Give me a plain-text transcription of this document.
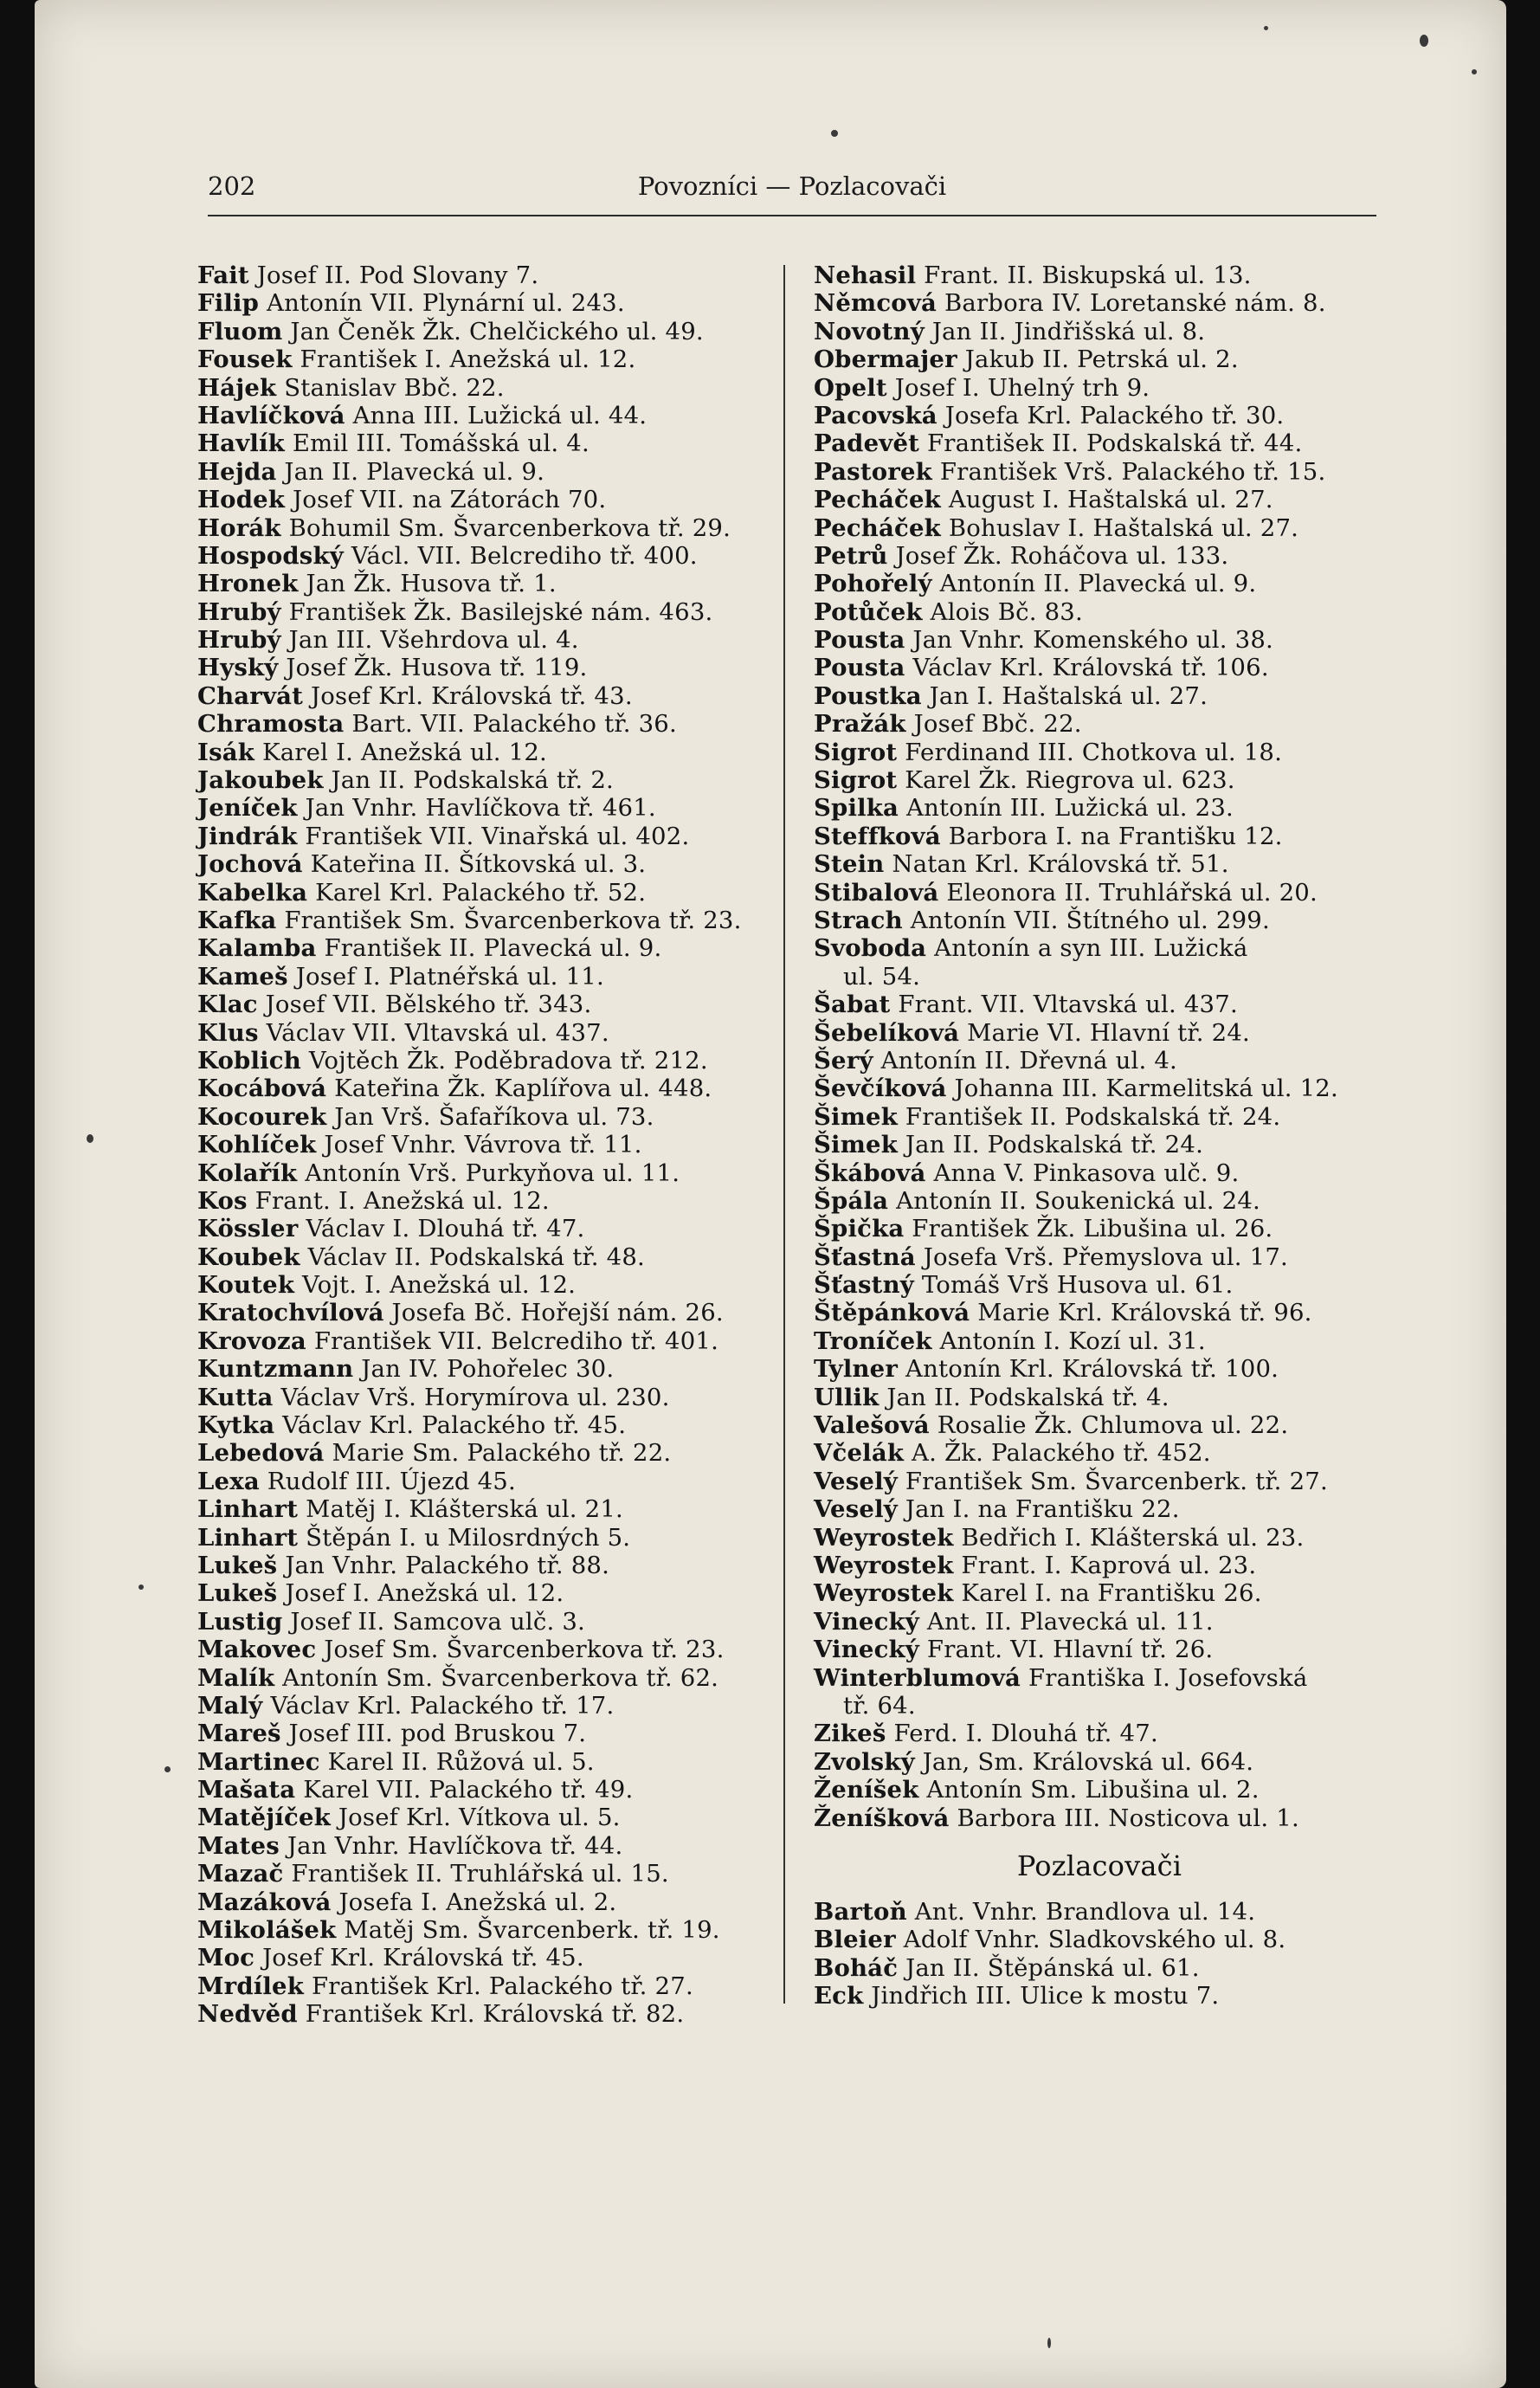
202	Povozníci — Pozlacovači
Fait Josef II. Pod Slovany 7.
Filip Antonín VII. Plynární ul. 243.
Fluom Jan Čeněk Žk. Chelčického ul. 49.
Fousek František I. Anežská ul. 12.
Hájek Stanislav Bbč. 22.
Havlíčková Anna III. Lužická ul. 44.
Havlík Emil III. Tomášská ul. 4.
Hejda Jan II. Plavecká ul. 9.
Hodek Josef VII. na Zátorách 70.
Horák Bohumil Sm. Švarcenberkova tř. 29.
Hospodský Václ. VII. Belcrediho tř. 400.
Hronek Jan Žk. Husova tř. 1.
Hrubý František Žk. Basilejské nám. 463.
Hrubý Jan III. Všehrdova ul. 4.
Hyský Josef Žk. Husova tř. 119.
Charvát Josef Krl. Královská tř. 43.
Chramosta Bart. VII. Palackého tř. 36.
Isák Karel I. Anežská ul. 12.
Jakoubek Jan II. Podskalská tř. 2.
Jeníček Jan Vnhr. Havlíčkova tř. 461.
Jindrák František VII. Vinařská ul. 402.
Jochová Kateřina II. Šítkovská ul. 3.
Kabelka Karel Krl. Palackého tř. 52.
Kafka František Sm. Švarcenberkova tř. 23.
Kalamba František II. Plavecká ul. 9.
Kameš Josef I. Platnéřská ul. 11.
Klac Josef VII. Bělského tř. 343.
Klus Václav VII. Vltavská ul. 437.
Koblich Vojtěch Žk. Poděbradova tř. 212.
Kocábová Kateřina Žk. Kaplířova ul. 448.
Kocourek Jan Vrš. Šafaříkova ul. 73.
Kohlíček Josef Vnhr. Vávrova tř. 11.
Kolařík Antonín Vrš. Purkyňova ul. 11.
Kos Frant. I. Anežská ul. 12.
Kössler Václav I. Dlouhá tř. 47.
Koubek Václav II. Podskalská tř. 48.
Koutek Vojt. I. Anežská ul. 12.
Kratochvílová Josefa Bč. Hořejší nám. 26.
Krovoza František VII. Belcrediho tř. 401.
Kuntzmann Jan IV. Pohořelec 30.
Kutta Václav Vrš. Horymírova ul. 230.
Kytka Václav Krl. Palackého tř. 45.
Lebedová Marie Sm. Palackého tř. 22.
Lexa Rudolf III. Újezd 45.
Linhart Matěj I. Klášterská ul. 21.
Linhart Štěpán I. u Milosrdných 5.
Lukeš Jan Vnhr. Palackého tř. 88.
Lukeš Josef I. Anežská ul. 12.
Lustig Josef II. Samcova ulč. 3.
Makovec Josef Sm. Švarcenberkova tř. 23.
Malík Antonín Sm. Švarcenberkova tř. 62.
Malý Václav Krl. Palackého tř. 17.
Mareš Josef III. pod Bruskou 7.
Martinec Karel II. Růžová ul. 5.
Mašata Karel VII. Palackého tř. 49.
Matějíček Josef Krl. Vítkova ul. 5.
Mates Jan Vnhr. Havlíčkova tř. 44.
Mazač František II. Truhlářská ul. 15.
Mazáková Josefa I. Anežská ul. 2.
Mikolášek Matěj Sm. Švarcenberk. tř. 19.
Moc Josef Krl. Královská tř. 45.
Mrdílek František Krl. Palackého tř. 27.
Nedvěd František Krl. Královská tř. 82.
Nehasil Frant. II. Biskupská ul. 13.
Němcová Barbora IV. Loretanské nám. 8.
Novotný Jan II. Jindřišská ul. 8.
Obermajer Jakub II. Petrská ul. 2.
Opelt Josef I. Uhelný trh 9.
Pacovská Josefa Krl. Palackého tř. 30.
Padevět František II. Podskalská tř. 44.
Pastorek František Vrš. Palackého tř. 15.
Pecháček August I. Haštalská ul. 27.
Pecháček Bohuslav I. Haštalská ul. 27.
Petrů Josef Žk. Roháčova ul. 133.
Pohořelý Antonín II. Plavecká ul. 9.
Potůček Alois Bč. 83.
Pousta Jan Vnhr. Komenského ul. 38.
Pousta Václav Krl. Královská tř. 106.
Poustka Jan I. Haštalská ul. 27.
Pražák Josef Bbč. 22.
Sigrot Ferdinand III. Chotkova ul. 18.
Sigrot Karel Žk. Riegrova ul. 623.
Spilka Antonín III. Lužická ul. 23.
Steffková Barbora I. na Františku 12.
Stein Natan Krl. Královská tř. 51.
Stibalová Eleonora II. Truhlářská ul. 20.
Strach Antonín VII. Štítného ul. 299.
Svoboda Antonín a syn III. Lužická
ul. 54.
Šabat Frant. VII. Vltavská ul. 437.
Šebelíková Marie VI. Hlavní tř. 24.
Šerý Antonín II. Dřevná ul. 4.
Ševčíková Johanna III. Karmelitská ul. 12.
Šimek František II. Podskalská tř. 24.
Šimek Jan II. Podskalská tř. 24.
Škábová Anna V. Pinkasova ulč. 9.
Špála Antonín II. Soukenická ul. 24.
Špička František Žk. Libušina ul. 26.
Šťastná Josefa Vrš. Přemyslova ul. 17.
Šťastný Tomáš Vrš Husova ul. 61.
Štěpánková Marie Krl. Královská tř. 96.
Troníček Antonín I. Kozí ul. 31.
Tylner Antonín Krl. Královská tř. 100.
Ullik Jan II. Podskalská tř. 4.
Valešová Rosalie Žk. Chlumova ul. 22.
Včelák A. Žk. Palackého tř. 452.
Veselý František Sm. Švarcenberk. tř. 27.
Veselý Jan I. na Františku 22.
Weyrostek Bedřich I. Klášterská ul. 23.
Weyrostek Frant. I. Kaprová ul. 23.
Weyrostek Karel I. na Františku 26.
Vinecký Ant. II. Plavecká ul. 11.
Vinecký Frant. VI. Hlavní tř. 26.
Winterblumová Františka I. Josefovská
tř. 64.
Zikeš Ferd. I. Dlouhá tř. 47.
Zvolský Jan, Sm. Královská ul. 664.
Ženíšek Antonín Sm. Libušina ul. 2.
Ženíšková Barbora III. Nosticova ul. 1.
Pozlacovači
Bartoň Ant. Vnhr. Brandlova ul. 14.
Bleier Adolf Vnhr. Sladkovského ul. 8.
Boháč Jan II. Štěpánská ul. 61.
Eck Jindřich III. Ulice k mostu 7.
